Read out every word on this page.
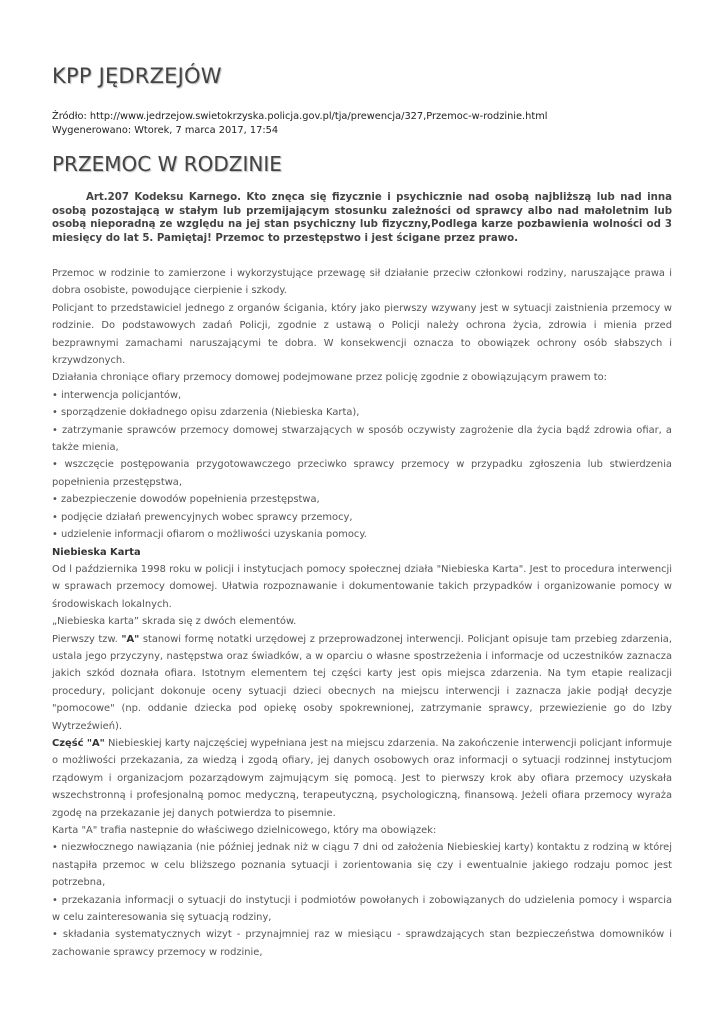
KPP JĘDRZEJÓW
Źródło: http://www.jedrzejow.swietokrzyska.policja.gov.pl/tja/prewencja/327,Przemoc-w-rodzinie.html
Wygenerowano: Wtorek, 7 marca 2017, 17:54
PRZEMOC W RODZINIE

Art.207 Kodeksu Karnego. Kto znęca się fizycznie i psychicznie nad osobą najbliższą lub nad inna osobą pozostającą w stałym lub przemijającym stosunku zależności od sprawcy albo nad małoletnim lub osobą nieporadną ze względu na jej stan psychiczny lub fizyczny,Podlega karze pozbawienia wolności od 3 miesięcy do lat 5. Pamiętaj! Przemoc to przestępstwo i jest ścigane przez prawo.

Przemoc w rodzinie to zamierzone i wykorzystujące przewagę sił działanie przeciw członkowi rodziny, naruszające prawa i dobra osobiste, powodujące cierpienie i szkody.

Policjant to przedstawiciel jednego z organów ścigania, który jako pierwszy wzywany jest w sytuacji zaistnienia przemocy w rodzinie. Do podstawowych zadań Policji, zgodnie z ustawą o Policji należy ochrona życia, zdrowia i mienia przed bezprawnymi zamachami naruszającymi te dobra. W konsekwencji oznacza to obowiązek ochrony osób słabszych i krzywdzonych.

Działania chroniące ofiary przemocy domowej podejmowane przez policję zgodnie z obowiązującym prawem to:

• interwencja policjantów,

• sporządzenie dokładnego opisu zdarzenia (Niebieska Karta),

• zatrzymanie sprawców przemocy domowej stwarzających w sposób oczywisty zagrożenie dla życia bądź zdrowia ofiar, a także mienia,

• wszczęcie postępowania przygotowawczego przeciwko sprawcy przemocy w przypadku zgłoszenia lub stwierdzenia popełnienia przestępstwa,

• zabezpieczenie dowodów popełnienia przestępstwa,

• podjęcie działań prewencyjnych wobec sprawcy przemocy,

• udzielenie informacji ofiarom o możliwości uzyskania pomocy.

Niebieska Karta

Od l października 1998 roku w policji i instytucjach pomocy społecznej działa "Niebieska Karta". Jest to procedura interwencji w sprawach przemocy domowej. Ułatwia rozpoznawanie i dokumentowanie takich przypadków i organizowanie pomocy w środowiskach lokalnych.

„Niebieska karta” skrada się z dwóch elementów.

Pierwszy tzw. "A" stanowi formę notatki urzędowej z przeprowadzonej interwencji. Policjant opisuje tam przebieg zdarzenia, ustala jego przyczyny, następstwa oraz świadków, a w oparciu o własne spostrzeżenia i informacje od uczestników zaznacza jakich szkód doznała ofiara. Istotnym elementem tej części karty jest opis miejsca zdarzenia. Na tym etapie realizacji procedury, policjant dokonuje oceny sytuacji dzieci obecnych na miejscu interwencji i zaznacza jakie podjął decyzje "pomocowe" (np. oddanie dziecka pod opiekę osoby spokrewnionej, zatrzymanie sprawcy, przewiezienie go do Izby Wytrzeźwień).

Część "A" Niebieskiej karty najczęściej wypełniana jest na miejscu zdarzenia. Na zakończenie interwencji policjant informuje o możliwości przekazania, za wiedzą i zgodą ofiary, jej danych osobowych oraz informacji o sytuacji rodzinnej instytucjom rządowym i organizacjom pozarządowym zajmującym się pomocą. Jest to pierwszy krok aby ofiara przemocy uzyskała wszechstronną i profesjonalną pomoc medyczną, terapeutyczną, psychologiczną, finansową. Jeżeli ofiara przemocy wyraża zgodę na przekazanie jej danych potwierdza to pisemnie.

Karta "A" trafia nastepnie do właściwego dzielnicowego, który ma obowiązek:

• niezwłocznego nawiązania (nie później jednak niż w ciągu 7 dni od założenia Niebieskiej karty) kontaktu z rodziną w której nastąpiła przemoc w celu bliższego poznania sytuacji i zorientowania się czy i ewentualnie jakiego rodzaju pomoc jest potrzebna,

• przekazania informacji o sytuacji do instytucji i podmiotów powołanych i zobowiązanych do udzielenia pomocy i wsparcia w celu zainteresowania się sytuacją rodziny,

• składania systematycznych wizyt - przynajmniej raz w miesiącu - sprawdzających stan bezpieczeństwa domowników i zachowanie sprawcy przemocy w rodzinie,
